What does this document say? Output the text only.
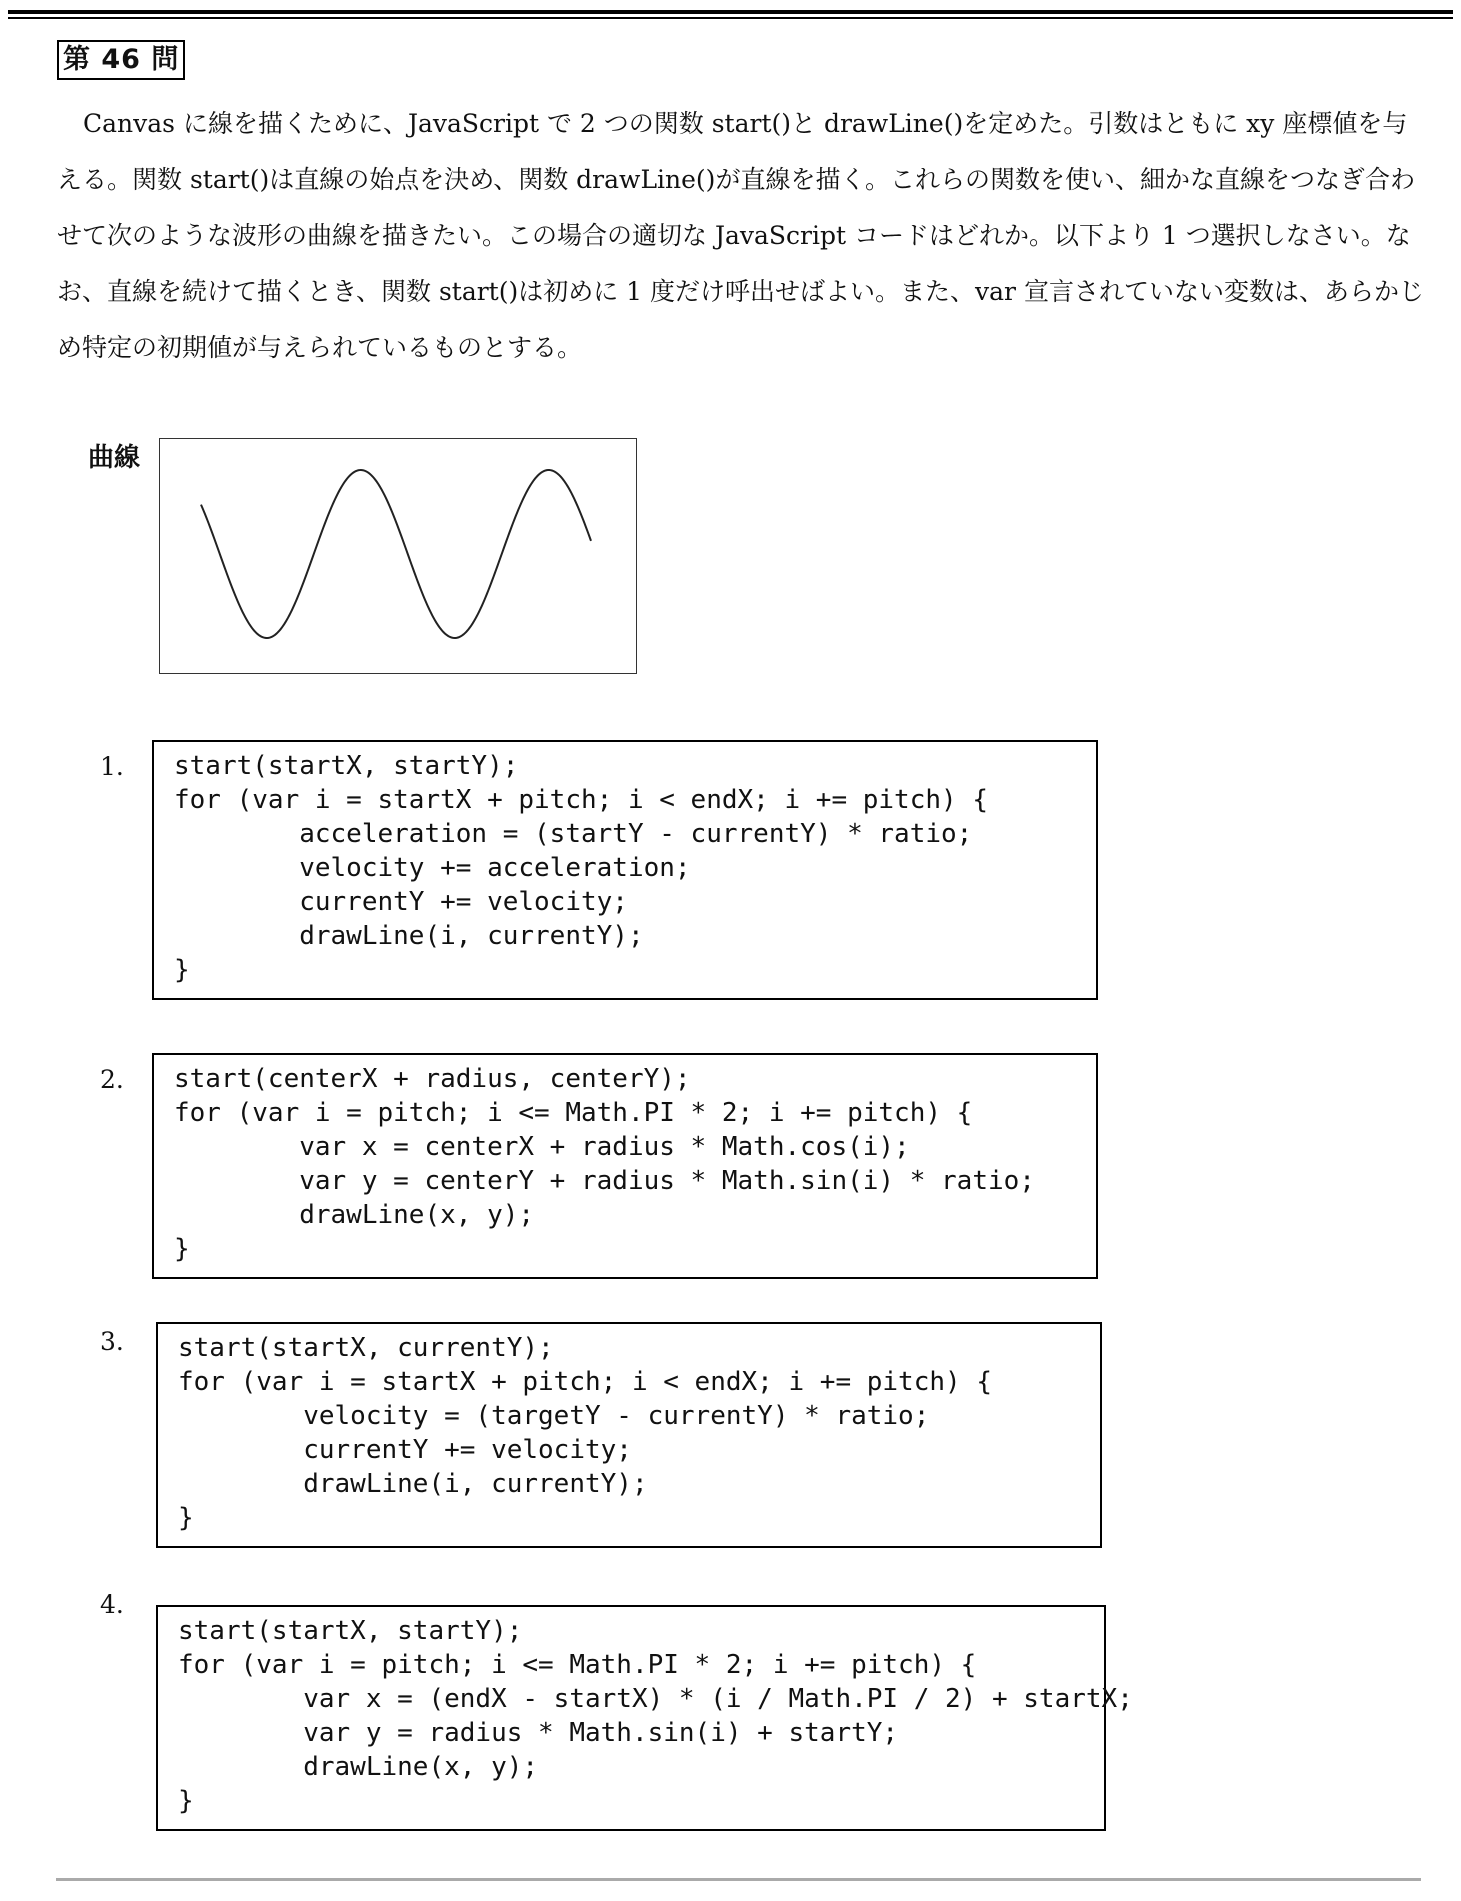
第 46 問

Canvas に線を描くために、JavaScript で 2 つの関数 start()と drawLine()を定めた。引数はともに xy 座標値を与える。関数 start()は直線の始点を決め、関数 drawLine()が直線を描く。これらの関数を使い、細かな直線をつなぎ合わせて次のような波形の曲線を描きたい。この場合の適切な JavaScript コードはどれか。以下より 1 つ選択しなさい。なお、直線を続けて描くとき、関数 start()は初めに 1 度だけ呼出せばよい。また、var 宣言されていない変数は、あらかじめ特定の初期値が与えられているものとする。

曲線
1. start(startX, startY);
for (var i = startX + pitch; i < endX; i += pitch) {
acceleration = (startY - currentY) * ratio;
velocity += acceleration;
currentY += velocity;
drawLine(i, currentY);
}
2. start(centerX + radius, centerY);
for (var i = pitch; i <= Math.PI * 2; i += pitch) {
var x = centerX + radius * Math.cos(i);
var y = centerY + radius * Math.sin(i) * ratio;
drawLine(x, y);
}
3. start(startX, currentY);
for (var i = startX + pitch; i < endX; i += pitch) {
velocity = (targetY - currentY) * ratio;
currentY += velocity;
drawLine(i, currentY);
}
4.
start(startX, startY);
for (var i = pitch; i <= Math.PI * 2; i += pitch) {
var x = (endX - startX) * (i / Math.PI / 2) + startX;
var y = radius * Math.sin(i) + startY;
drawLine(x, y);
}
